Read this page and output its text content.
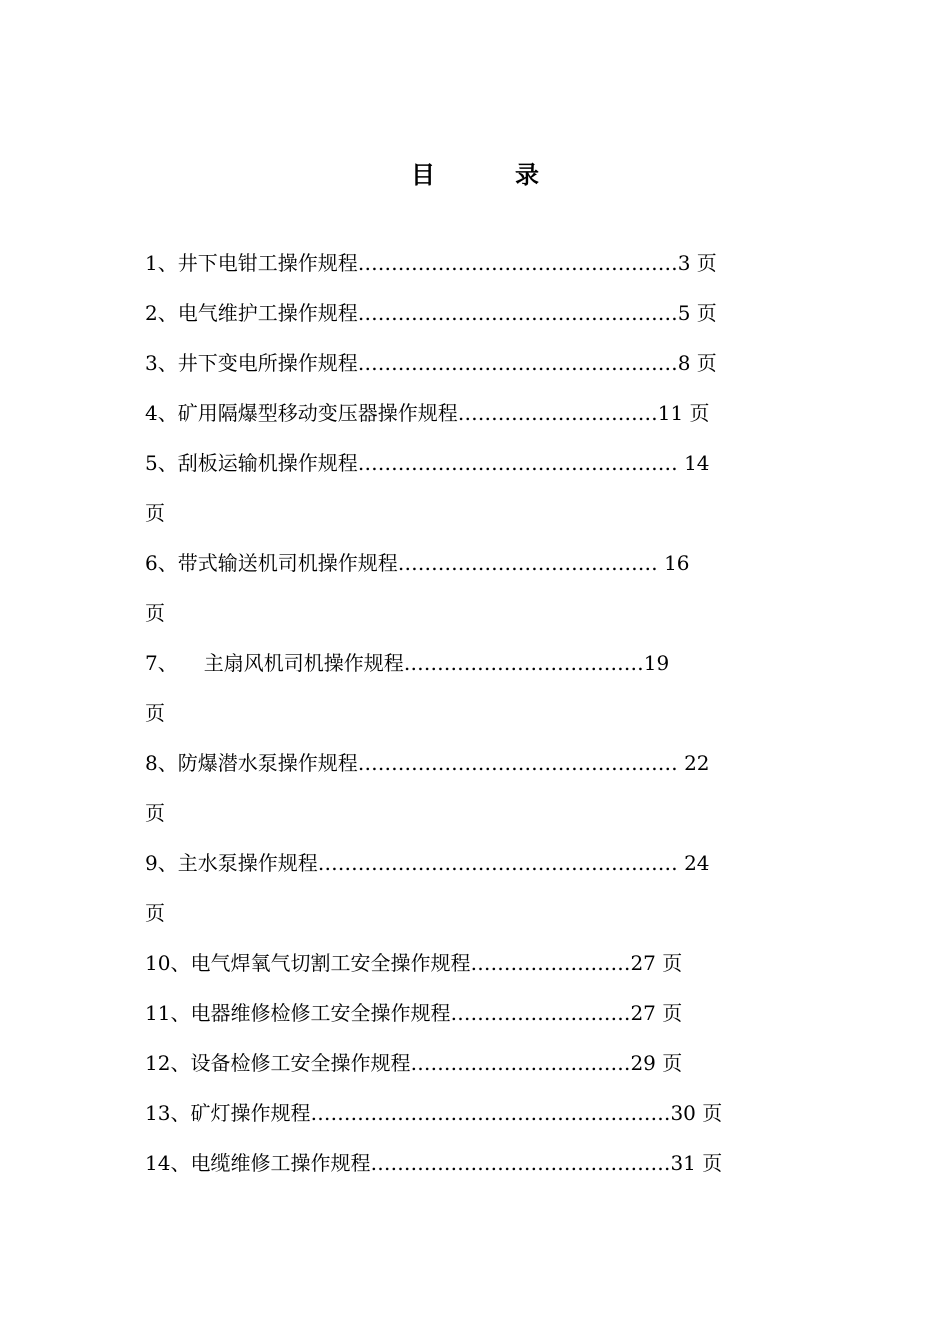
目	录
1、井下电钳工操作规程…………………………………………3 页
2、电气维护工操作规程…………………………………………5 页
3、井下变电所操作规程…………………………………………8 页
4、矿用隔爆型移动变压器操作规程…………………………11 页
5、刮板运输机操作规程………………………………………… 14
页
6、带式输送机司机操作规程………………………………… 16
页
7、 主扇风机司机操作规程………………………………19
页
8、防爆潜水泵操作规程………………………………………… 22
页
9、主水泵操作规程……………………………………………… 24
页
10、电气焊氧气切割工安全操作规程……………………27 页
11、电器维修检修工安全操作规程………………………27 页
12、设备检修工安全操作规程……………………………29 页
13、矿灯操作规程………………………………………………30 页
14、电缆维修工操作规程………………………………………31 页
